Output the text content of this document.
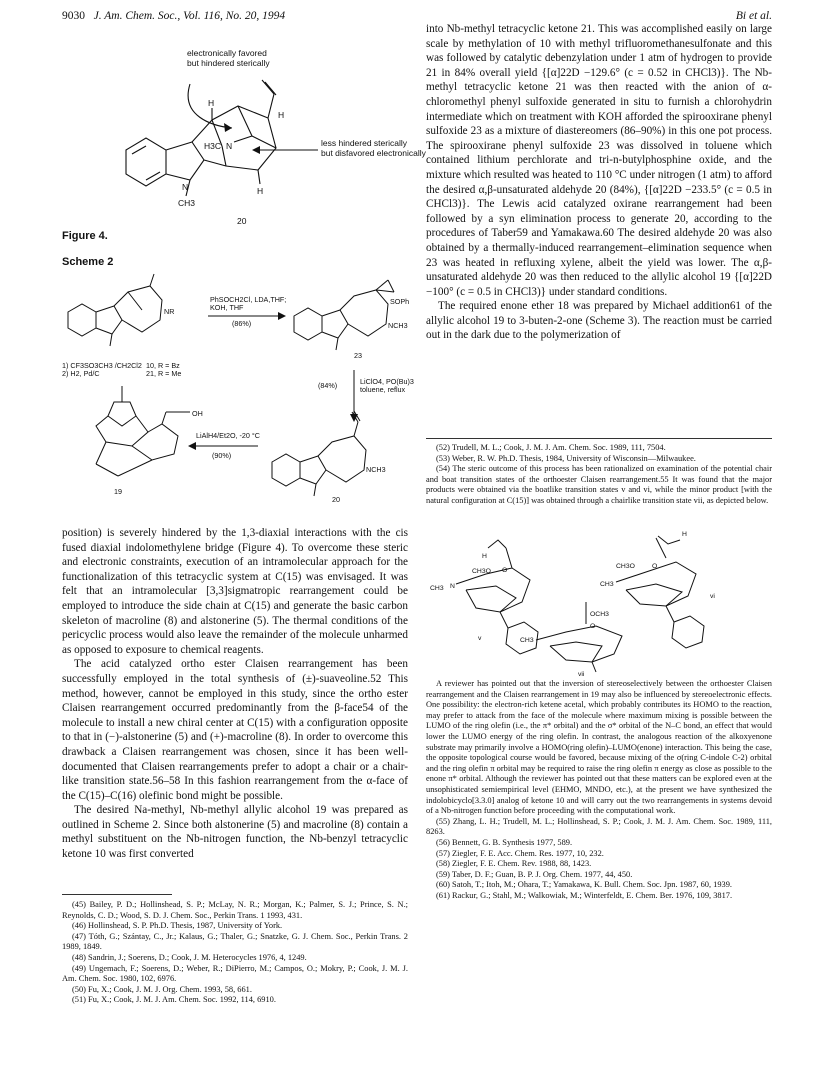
9030 J. Am. Chem. Soc., Vol. 116, No. 20, 1994	Bi et al.
electronically favored
but hindered sterically
less hindered sterically
but disfavored electronically
H
H
H
N
CH3
H3C N
20
Figure 4.
Scheme 2
NR
PhSOCH2Cl, LDA,THF;
KOH, THF
(86%)
1) CF3SO3CH3 /CH2Cl2
2) H2, Pd/C
10, R = Bz
21, R = Me
SOPh
NCH3
23
LiClO4, PO(Bu)3
toluene, reflux
(84%)
NCH3
20
LiAlH4/Et2O, -20 °C
(90%)
OH
19

position) is severely hindered by the 1,3-diaxial interactions with the cis fused diaxial indolomethylene bridge (Figure 4). To overcome these steric and electronic constraints, execution of an intramolecular approach for the functionalization of this tetracyclic system at C(15) was envisaged. It was felt that an intramolecular [3,3]sigmatropic rearrangement could be employed to introduce the side chain at C(15) and generate the basic carbon skeleton of macroline (8) and alstonerine (5). The thermal conditions of the pericyclic process would also leave the remainder of the molecule unharmed as opposed to exposure to chemical reagents.

The acid catalyzed ortho ester Claisen rearrangement has been successfully employed in the total synthesis of (±)-suaveoline.52 This method, however, cannot be employed in this study, since the ortho ester Claisen rearrangement occurred predominantly from the β-face54 of the molecule to install a new chiral center at C(15) with a configuration opposite to that in (−)-alstonerine (5) and (+)-macroline (8). In order to overcome this drawback a Claisen rearrangement was chosen, since it has been well-documented that Claisen rearrangements prefer to adopt a chair or a chair-like transition state.56–58 In this fashion rearrangement from the α-face of the C(15)–C(16) olefinic bond might be possible.

The desired Na-methyl, Nb-methyl allylic alcohol 19 was prepared as outlined in Scheme 2. Since both alstonerine (5) and macroline (8) contain a methyl substituent on the Nb-nitrogen function, the Nb-benzyl tetracyclic ketone 10 was first converted

(45) Bailey, P. D.; Hollinshead, S. P.; McLay, N. R.; Morgan, K.; Palmer, S. J.; Prince, S. N.; Reynolds, C. D.; Wood, S. D. J. Chem. Soc., Perkin Trans. 1 1993, 431.
(46) Hollinshead, S. P. Ph.D. Thesis, 1987, University of York.
(47) Tóth, G.; Szántay, C., Jr.; Kalaus, G.; Thaler, G.; Snatzke, G. J. Chem. Soc., Perkin Trans. 2 1989, 1849.
(48) Sandrin, J.; Soerens, D.; Cook, J. M. Heterocycles 1976, 4, 1249.
(49) Ungemach, F.; Soerens, D.; Weber, R.; DiPierro, M.; Campos, O.; Mokry, P.; Cook, J. M. J. Am. Chem. Soc. 1980, 102, 6976.
(50) Fu, X.; Cook, J. M. J. Org. Chem. 1993, 58, 661.
(51) Fu, X.; Cook, J. M. J. Am. Chem. Soc. 1992, 114, 6910.

into Nb-methyl tetracyclic ketone 21. This was accomplished easily on large scale by methylation of 10 with methyl trifluoromethanesulfonate and this was followed by catalytic debenzylation under 1 atm of hydrogen to provide 21 in 84% overall yield {[α]22D −129.6° (c = 0.52 in CHCl3)}. The Nb-methyl tetracyclic ketone 21 was then reacted with the anion of α-chloromethyl phenyl sulfoxide generated in situ to furnish a chlorohydrin intermediate which on treatment with KOH afforded the spirooxirane phenyl sulfoxide 23 as a mixture of diastereomers (86–90%) in this one pot process. The spirooxirane phenyl sulfoxide 23 was dissolved in toluene which contained lithium perchlorate and tri-n-butylphosphine oxide, and the mixture which resulted was heated to 110 °C under nitrogen (1 atm) to afford the desired α,β-unsaturated aldehyde 20 (84%), {[α]22D −233.5° (c = 0.5 in CHCl3)}. The Lewis acid catalyzed oxirane rearrangement had been followed by a syn elimination process to generate 20, according to the procedures of Taber59 and Yamakawa.60 The desired aldehyde 20 was also obtained by a thermally-induced rearrangement–elimination sequence when 23 was heated in refluxing xylene, albeit the yield was lower. The α,β-unsaturated aldehyde 20 was then reduced to the allylic alcohol 19 {[α]22D −100° (c = 0.5 in CHCl3)} under standard conditions.

The required enone ether 18 was prepared by Michael addition61 of the allylic alcohol 19 to 3-buten-2-one (Scheme 3). The reaction must be carried out in the dark due to the polymerization of

(52) Trudell, M. L.; Cook, J. M. J. Am. Chem. Soc. 1989, 111, 7504.
(53) Weber, R. W. Ph.D. Thesis, 1984, University of Wisconsin—Milwaukee.
(54) The steric outcome of this process has been rationalized on examination of the potential chair and boat transition states of the orthoester Claisen rearrangement.55 It was found that the major products were obtained via the boatlike transition states v and vi, while the minor product [with the natural configuration at C(15)] was obtained through a chairlike transition state vii, as depicted below.
H
CH3O O
CH3 N
v
CH3O	O
CH3
H
vi
OCH3
O
CH3
vii
A reviewer has pointed out that the inversion of stereoselectively between the orthoester Claisen rearrangement and the Claisen rearrangement in 19 may also be influenced by stereoelectronic effects. One possibility: the electron-rich ketene acetal, which probably contributes its HOMO to the reaction, may prefer to attack from the face of the molecule where maximum mixing is possible between the LUMO of the ring olefin (i.e., the π* orbital) and the σ* orbital of the N–C bond, an effect that would lower the LUMO energy of the ring olefin. In contrast, the analogous reaction of the alkoxyenone substrate may primarily involve a HOMO(ring olefin)–LUMO(enone) interaction. This being the case, the opposite topological course would be favored, because mixing of the σ(ring C-indole C-2) orbital and the ring olefin π orbital may be required to raise the ring olefin π energy as close as possible to the enone π* orbital. Although the reviewer has pointed out that these matters can be explored even at the unsophisticated semiempirical level (EHMO, MNDO, etc.), at the present we have synthesized the indolobicyclo[3.3.0] analog of ketone 10 and will carry out the two rearrangements in systems devoid of a Nb-nitrogen function before proceeding with the computational work.
(55) Zhang, L. H.; Trudell, M. L.; Hollinshead, S. P.; Cook, J. M. J. Am. Chem. Soc. 1989, 111, 8263.
(56) Bennett, G. B. Synthesis 1977, 589.
(57) Ziegler, F. E. Acc. Chem. Res. 1977, 10, 232.
(58) Ziegler, F. E. Chem. Rev. 1988, 88, 1423.
(59) Taber, D. F.; Guan, B. P. J. Org. Chem. 1977, 44, 450.
(60) Satoh, T.; Itoh, M.; Ohara, T.; Yamakawa, K. Bull. Chem. Soc. Jpn. 1987, 60, 1939.
(61) Rackur, G.; Stahl, M.; Walkowiak, M.; Winterfeldt, E. Chem. Ber. 1976, 109, 3817.
